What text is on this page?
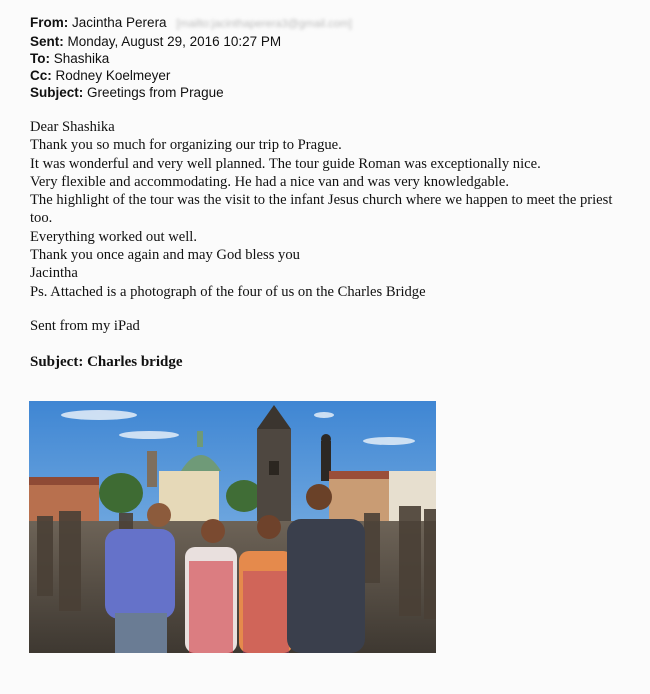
From: Jacintha Perera [mailto:jacinthaperera3@gmail.com]
Sent: Monday, August 29, 2016 10:27 PM
To: Shashika
Cc: Rodney Koelmeyer
Subject: Greetings from Prague
Dear Shashika
Thank you so much for organizing our trip to Prague.
It was wonderful and very well planned. The tour guide Roman was exceptionally nice.
Very flexible and accommodating. He had a nice van and was very knowledgable.
The highlight of the tour was the visit to the infant Jesus church where we happen to meet the priest too.
Everything worked out well.
Thank you once again and may God bless you
Jacintha
Ps. Attached is a photograph of the four of us on the Charles Bridge
Sent from my iPad
Subject: Charles bridge
